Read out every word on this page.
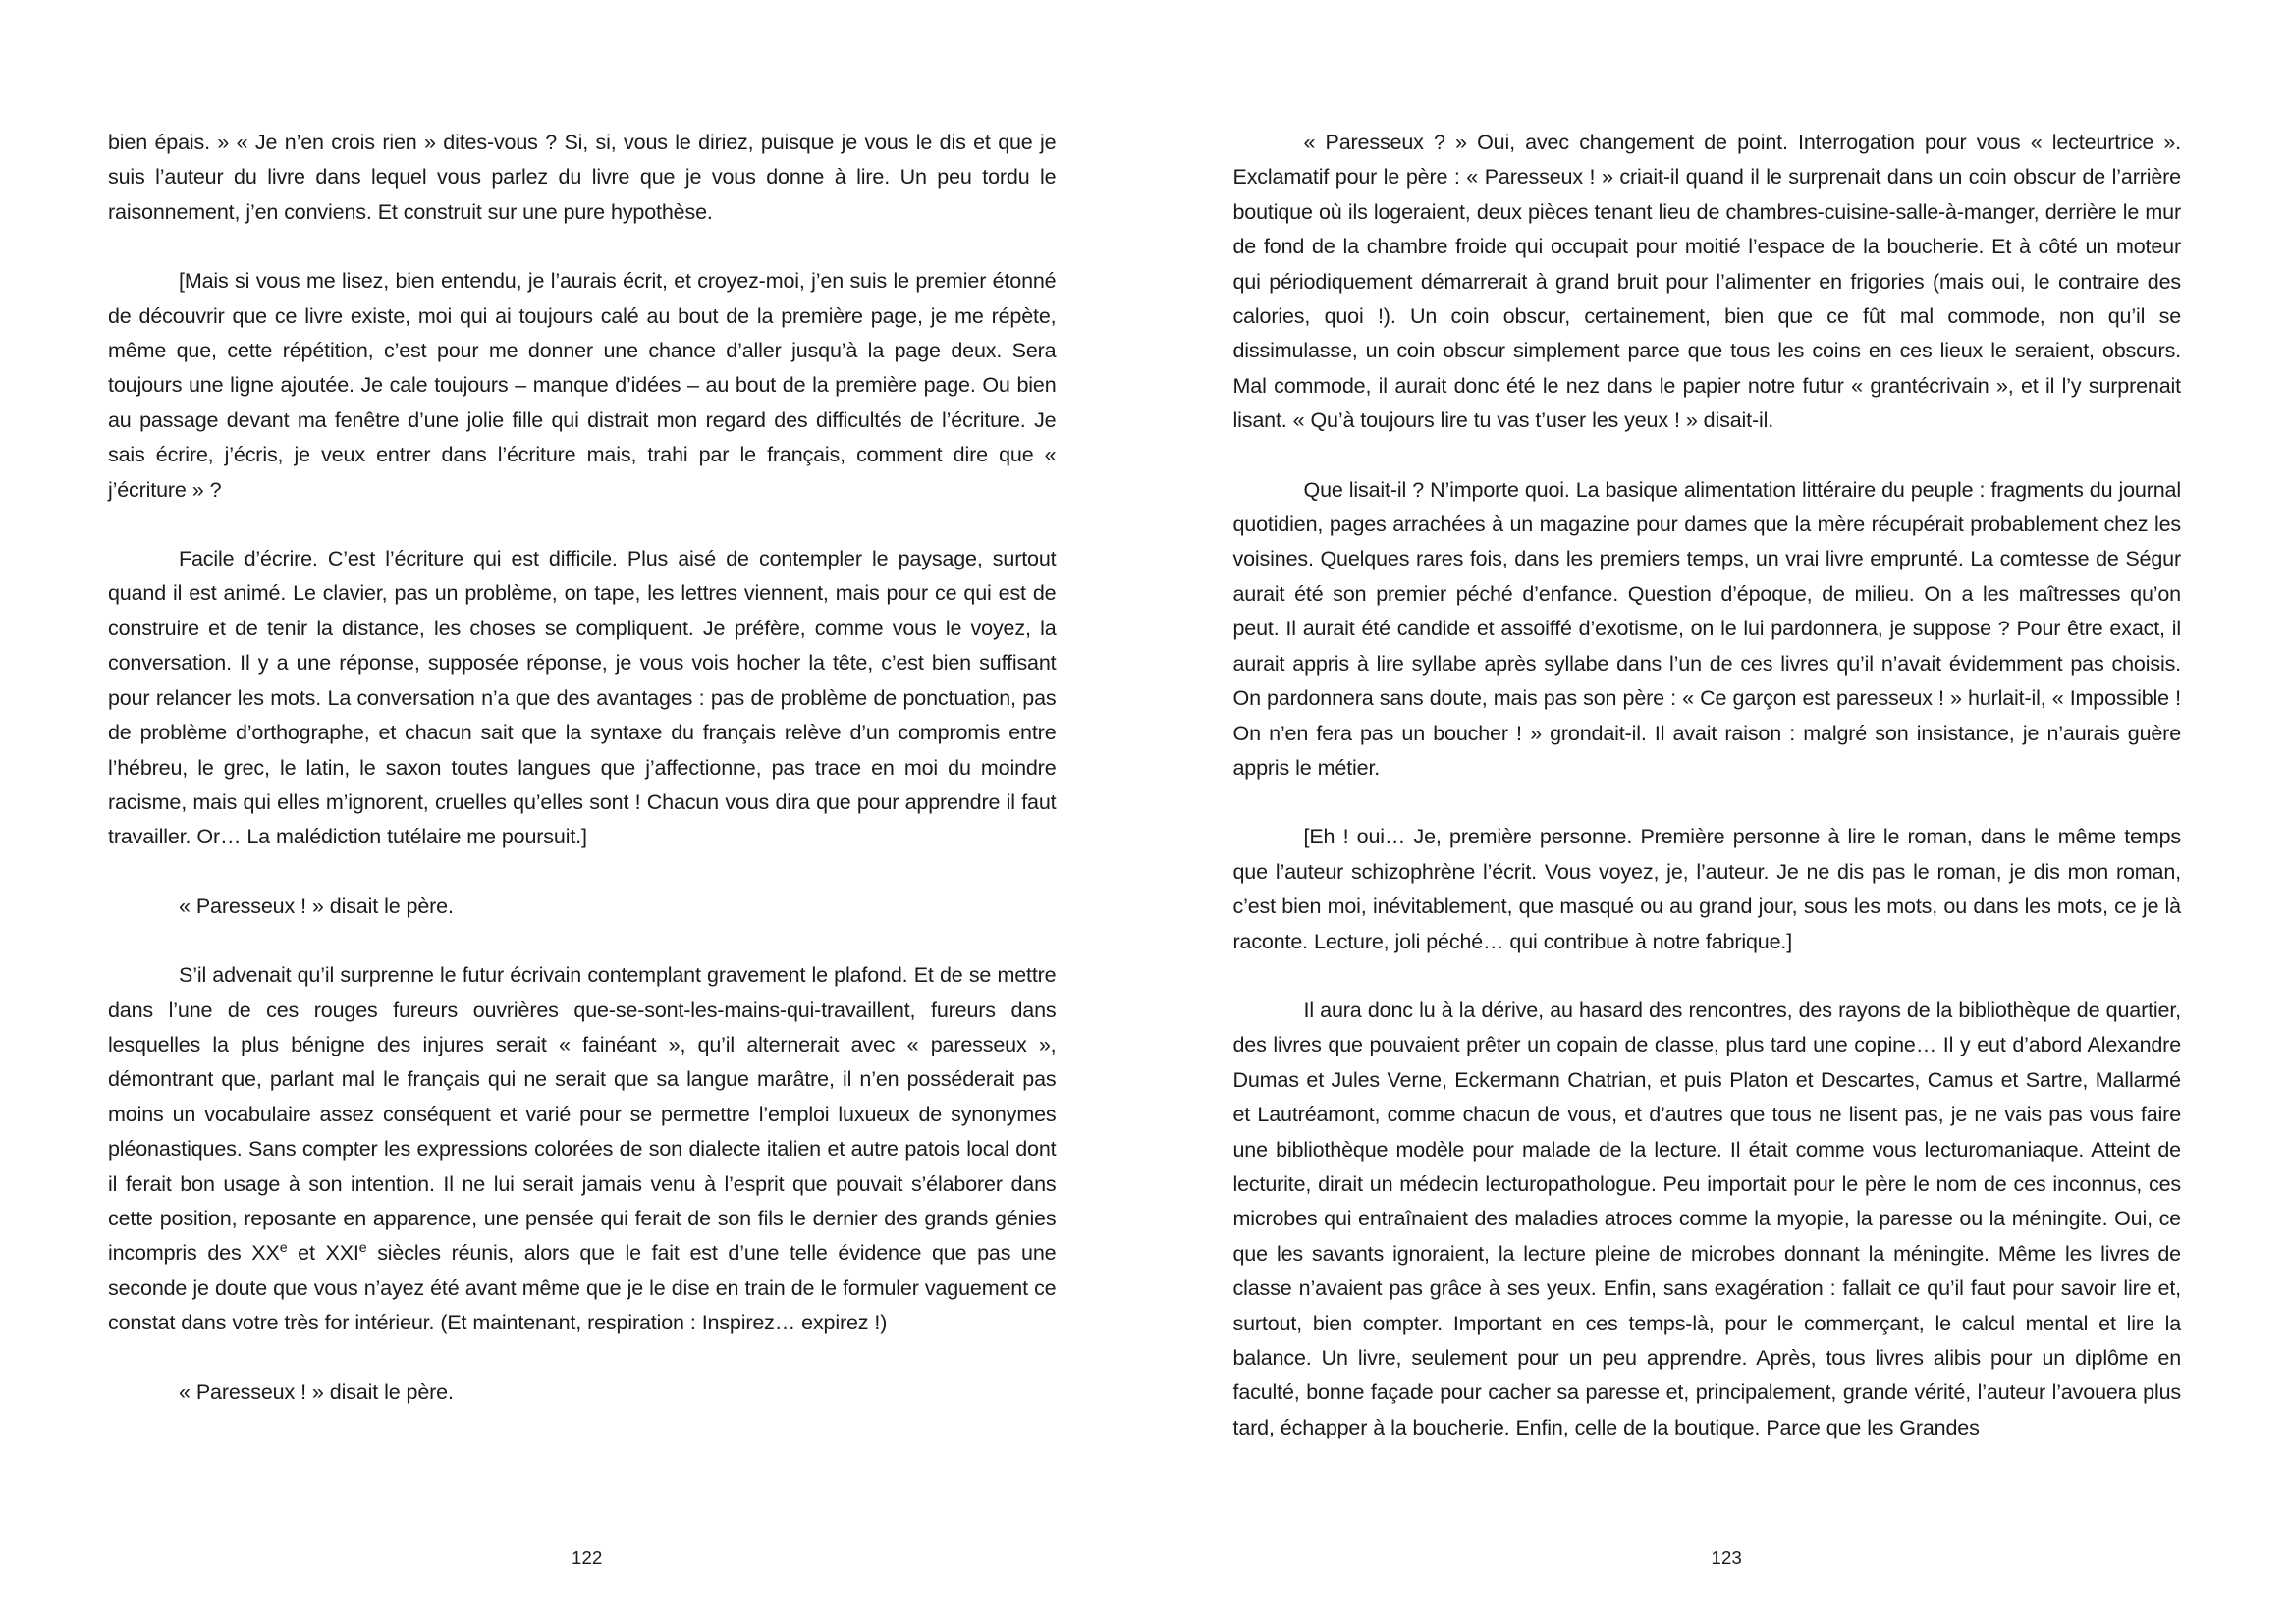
bien épais. » « Je n’en crois rien » dites-vous ? Si, si, vous le diriez, puisque je vous le dis et que je suis l’auteur du livre dans lequel vous parlez du livre que je vous donne à lire. Un peu tordu le raisonnement, j’en conviens. Et construit sur une pure hypothèse.

[Mais si vous me lisez, bien entendu, je l’aurais écrit, et croyez-moi, j’en suis le premier étonné de découvrir que ce livre existe, moi qui ai toujours calé au bout de la première page, je me répète, même que, cette répétition, c’est pour me donner une chance d’aller jusqu’à la page deux. Sera toujours une ligne ajoutée. Je cale toujours – manque d’idées – au bout de la première page. Ou bien au passage devant ma fenêtre d’une jolie fille qui distrait mon regard des difficultés de l’écriture. Je sais écrire, j’écris, je veux entrer dans l’écriture mais, trahi par le français, comment dire que « j’écriture » ?

Facile d’écrire. C’est l’écriture qui est difficile. Plus aisé de contempler le paysage, surtout quand il est animé. Le clavier, pas un problème, on tape, les lettres viennent, mais pour ce qui est de construire et de tenir la distance, les choses se compliquent. Je préfère, comme vous le voyez, la conversation. Il y a une réponse, supposée réponse, je vous vois hocher la tête, c’est bien suffisant pour relancer les mots. La conversation n’a que des avantages : pas de problème de ponctuation, pas de problème d’orthographe, et chacun sait que la syntaxe du français relève d’un compromis entre l’hébreu, le grec, le latin, le saxon toutes langues que j’affectionne, pas trace en moi du moindre racisme, mais qui elles m’ignorent, cruelles qu’elles sont ! Chacun vous dira que pour apprendre il faut travailler. Or… La malédiction tutélaire me poursuit.]

« Paresseux ! » disait le père.

S’il advenait qu’il surprenne le futur écrivain contemplant gravement le plafond. Et de se mettre dans l’une de ces rouges fureurs ouvrières que-se-sont-les-mains-qui-travaillent, fureurs dans lesquelles la plus bénigne des injures serait « fainéant », qu’il alternerait avec « paresseux », démontrant que, parlant mal le français qui ne serait que sa langue marâtre, il n’en posséderait pas moins un vocabulaire assez conséquent et varié pour se permettre l’emploi luxueux de synonymes pléonastiques. Sans compter les expressions colorées de son dialecte italien et autre patois local dont il ferait bon usage à son intention. Il ne lui serait jamais venu à l’esprit que pouvait s’élaborer dans cette position, reposante en apparence, une pensée qui ferait de son fils le dernier des grands génies incompris des XXe et XXIe siècles réunis, alors que le fait est d’une telle évidence que pas une seconde je doute que vous n’ayez été avant même que je le dise en train de le formuler vaguement ce constat dans votre très for intérieur. (Et maintenant, respiration : Inspirez… expirez !)

« Paresseux ! » disait le père.

122

« Paresseux ? » Oui, avec changement de point. Interrogation pour vous « lecteurtrice ». Exclamatif pour le père : « Paresseux ! » criait-il quand il le surprenait dans un coin obscur de l’arrière boutique où ils logeraient, deux pièces tenant lieu de chambres-cuisine-salle-à-manger, derrière le mur de fond de la chambre froide qui occupait pour moitié l’espace de la boucherie. Et à côté un moteur qui périodiquement démarrerait à grand bruit pour l’alimenter en frigories (mais oui, le contraire des calories, quoi !). Un coin obscur, certainement, bien que ce fût mal commode, non qu’il se dissimulasse, un coin obscur simplement parce que tous les coins en ces lieux le seraient, obscurs. Mal commode, il aurait donc été le nez dans le papier notre futur « grantécrivain », et il l’y surprenait lisant. « Qu’à toujours lire tu vas t’user les yeux ! » disait-il.

Que lisait-il ? N’importe quoi. La basique alimentation littéraire du peuple : fragments du journal quotidien, pages arrachées à un magazine pour dames que la mère récupérait probablement chez les voisines. Quelques rares fois, dans les premiers temps, un vrai livre emprunté. La comtesse de Ségur aurait été son premier péché d’enfance. Question d’époque, de milieu. On a les maîtresses qu’on peut. Il aurait été candide et assoiffé d’exotisme, on le lui pardonnera, je suppose ? Pour être exact, il aurait appris à lire syllabe après syllabe dans l’un de ces livres qu’il n’avait évidemment pas choisis. On pardonnera sans doute, mais pas son père : « Ce garçon est paresseux ! » hurlait-il, « Impossible ! On n’en fera pas un boucher ! » grondait-il. Il avait raison : malgré son insistance, je n’aurais guère appris le métier.

[Eh ! oui… Je, première personne. Première personne à lire le roman, dans le même temps que l’auteur schizophrène l’écrit. Vous voyez, je, l’auteur. Je ne dis pas le roman, je dis mon roman, c’est bien moi, inévitablement, que masqué ou au grand jour, sous les mots, ou dans les mots, ce je là raconte. Lecture, joli péché… qui contribue à notre fabrique.]

Il aura donc lu à la dérive, au hasard des rencontres, des rayons de la bibliothèque de quartier, des livres que pouvaient prêter un copain de classe, plus tard une copine… Il y eut d’abord Alexandre Dumas et Jules Verne, Eckermann Chatrian, et puis Platon et Descartes, Camus et Sartre, Mallarmé et Lautréamont, comme chacun de vous, et d’autres que tous ne lisent pas, je ne vais pas vous faire une bibliothèque modèle pour malade de la lecture. Il était comme vous lecturomaniaque. Atteint de lecturite, dirait un médecin lecturopathologue. Peu importait pour le père le nom de ces inconnus, ces microbes qui entraînaient des maladies atroces comme la myopie, la paresse ou la méningite. Oui, ce que les savants ignoraient, la lecture pleine de microbes donnant la méningite. Même les livres de classe n’avaient pas grâce à ses yeux. Enfin, sans exagération : fallait ce qu’il faut pour savoir lire et, surtout, bien compter. Important en ces temps-là, pour le commerçant, le calcul mental et lire la balance. Un livre, seulement pour un peu apprendre. Après, tous livres alibis pour un diplôme en faculté, bonne façade pour cacher sa paresse et, principalement, grande vérité, l’auteur l’avouera plus tard, échapper à la boucherie. Enfin, celle de la boutique. Parce que les Grandes

123
